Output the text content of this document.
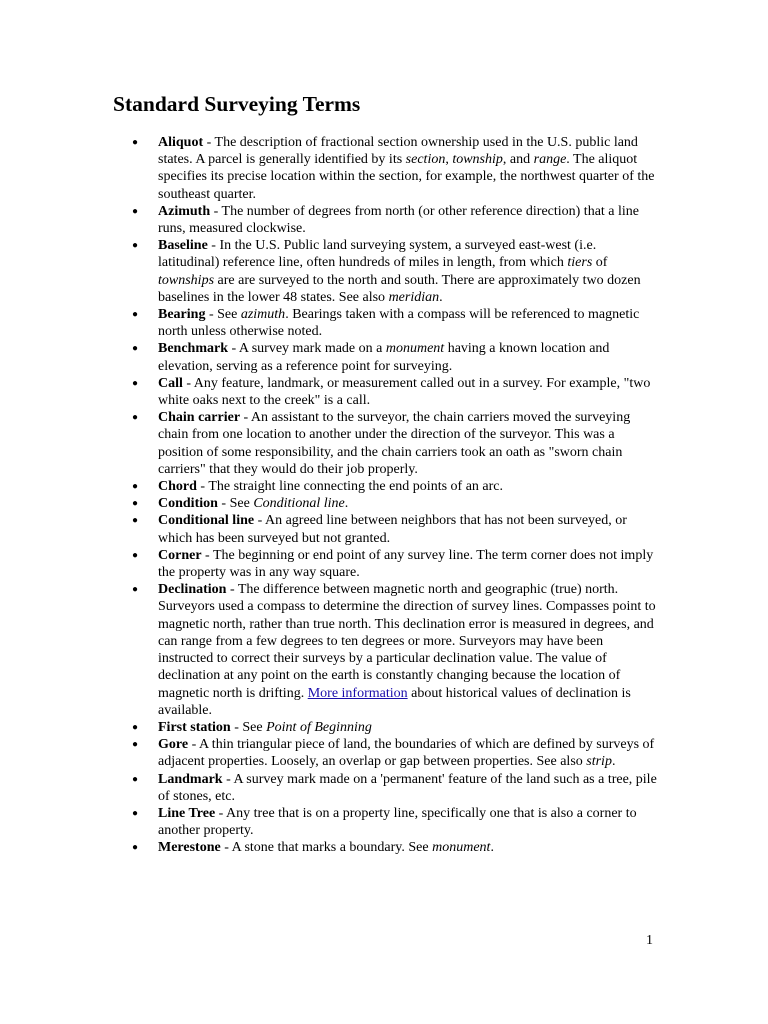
Standard Surveying Terms
● Aliquot - The description of fractional section ownership used in the U.S. public land states. A parcel is generally identified by its section, township, and range. The aliquot specifies its precise location within the section, for example, the northwest quarter of the southeast quarter.
● Azimuth - The number of degrees from north (or other reference direction) that a line runs, measured clockwise.
● Baseline - In the U.S. Public land surveying system, a surveyed east-west (i.e. latitudinal) reference line, often hundreds of miles in length, from which tiers of townships are are surveyed to the north and south. There are approximately two dozen baselines in the lower 48 states. See also meridian.
● Bearing - See azimuth. Bearings taken with a compass will be referenced to magnetic north unless otherwise noted.
● Benchmark - A survey mark made on a monument having a known location and elevation, serving as a reference point for surveying.
● Call - Any feature, landmark, or measurement called out in a survey. For example, "two white oaks next to the creek" is a call.
● Chain carrier - An assistant to the surveyor, the chain carriers moved the surveying chain from one location to another under the direction of the surveyor. This was a position of some responsibility, and the chain carriers took an oath as "sworn chain carriers" that they would do their job properly.
● Chord - The straight line connecting the end points of an arc.
● Condition - See Conditional line.
● Conditional line - An agreed line between neighbors that has not been surveyed, or which has been surveyed but not granted.
● Corner - The beginning or end point of any survey line. The term corner does not imply the property was in any way square.
● Declination - The difference between magnetic north and geographic (true) north. Surveyors used a compass to determine the direction of survey lines. Compasses point to magnetic north, rather than true north. This declination error is measured in degrees, and can range from a few degrees to ten degrees or more. Surveyors may have been instructed to correct their surveys by a particular declination value. The value of declination at any point on the earth is constantly changing because the location of magnetic north is drifting. More information about historical values of declination is available.
● First station - See Point of Beginning
● Gore - A thin triangular piece of land, the boundaries of which are defined by surveys of adjacent properties. Loosely, an overlap or gap between properties. See also strip.
● Landmark - A survey mark made on a 'permanent' feature of the land such as a tree, pile of stones, etc.
● Line Tree - Any tree that is on a property line, specifically one that is also a corner to another property.
● Merestone - A stone that marks a boundary. See monument.
1
